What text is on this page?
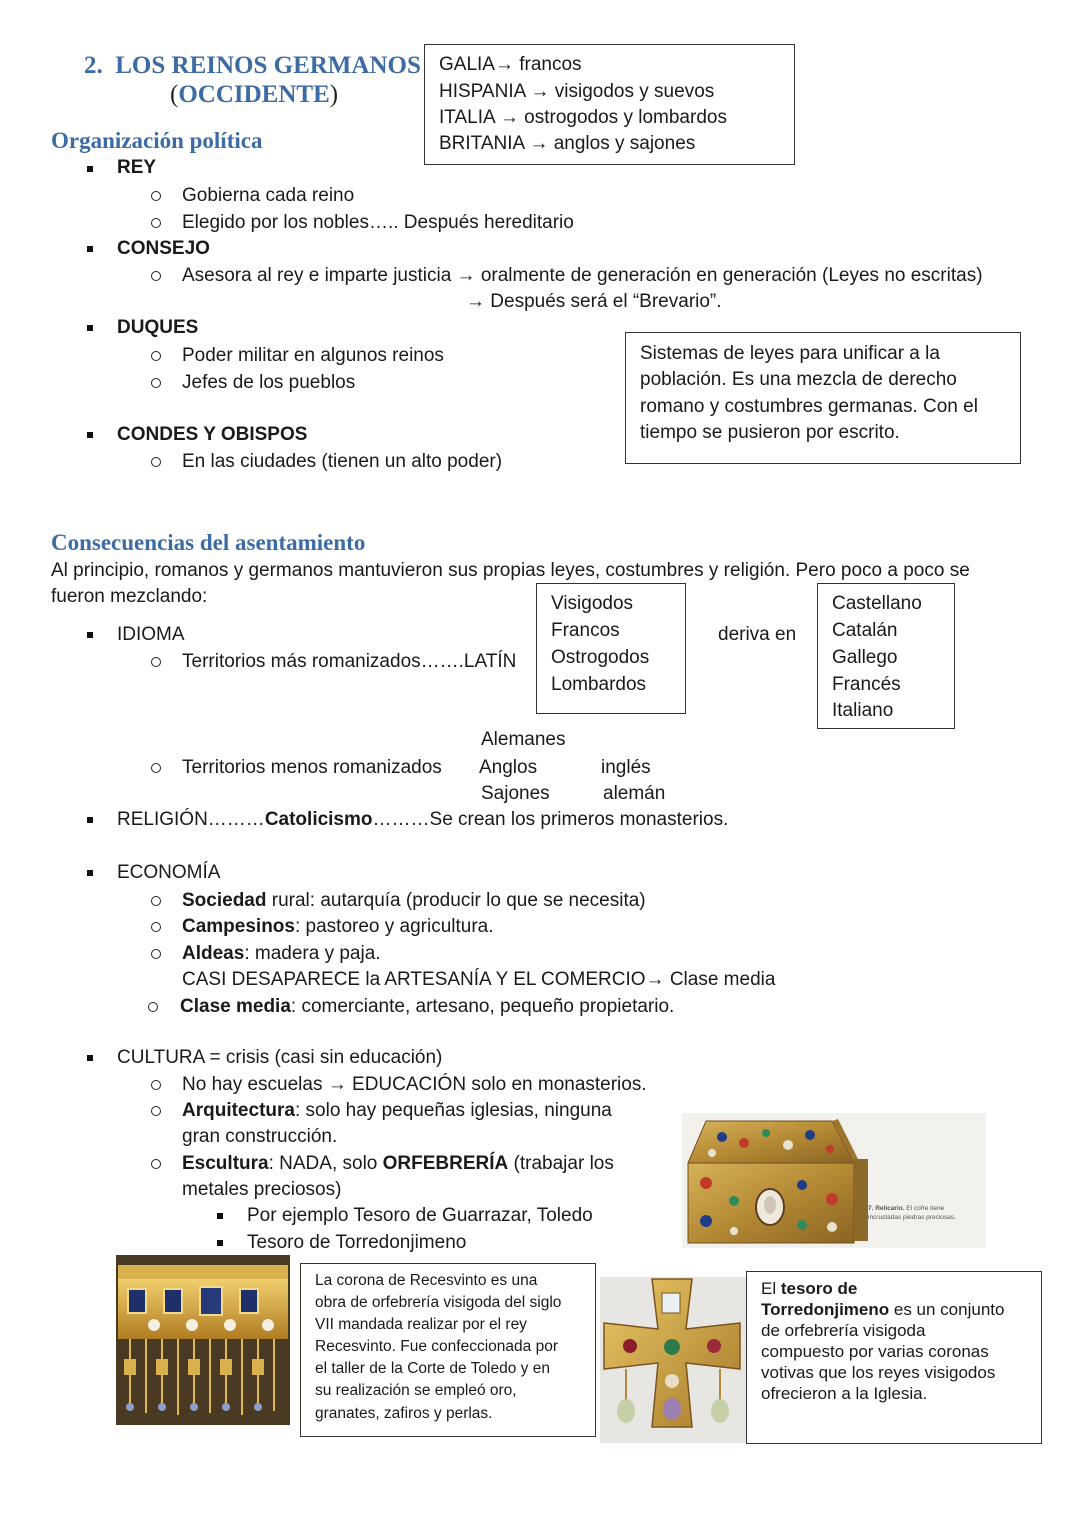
2. LOS REINOS GERMANOS
(OCCIDENTE)
GALIA→ francos
HISPANIA → visigodos y suevos
ITALIA → ostrogodos y lombardos
BRITANIA → anglos y sajones
Organización política
REY
Gobierna cada reino
Elegido por los nobles….. Después hereditario
CONSEJO
Asesora al rey e imparte justicia → oralmente de generación en generación (Leyes no escritas)
→ Después será el “Brevario”.
DUQUES
Poder militar en algunos reinos
Jefes de los pueblos
CONDES Y OBISPOS
En las ciudades (tienen un alto poder)
Sistemas de leyes para unificar a la
población. Es una mezcla de derecho
romano y costumbres germanas. Con el
tiempo se pusieron por escrito.
Consecuencias del asentamiento
Al principio, romanos y germanos mantuvieron sus propias leyes, costumbres y religión. Pero poco a poco se
fueron mezclando:
IDIOMA
Territorios más romanizados…….LATÍN
Visigodos
Francos
Ostrogodos
Lombardos
deriva en
Castellano
Catalán
Gallego
Francés
Italiano
Alemanes
Territorios menos romanizados Anglos	inglés
Sajones	alemán
RELIGIÓN………Catolicismo………Se crean los primeros monasterios.
ECONOMÍA
Sociedad rural: autarquía (producir lo que se necesita)
Campesinos: pastoreo y agricultura.
Aldeas: madera y paja.
CASI DESAPARECE la ARTESANÍA Y EL COMERCIO→ Clase media
Clase media: comerciante, artesano, pequeño propietario.
CULTURA = crisis (casi sin educación)
No hay escuelas → EDUCACIÓN solo en monasterios.
Arquitectura: solo hay pequeñas iglesias, ninguna
gran construcción.
Escultura: NADA, solo ORFEBRERÍA (trabajar los
metales preciosos)
Por ejemplo Tesoro de Guarrazar, Toledo
Tesoro de Torredonjimeno
7. Relicario. El cofre tiene
incrustadas piedras preciosas.
La corona de Recesvinto es una
obra de orfebrería visigoda del siglo
VII mandada realizar por el rey
Recesvinto. Fue confeccionada por
el taller de la Corte de Toledo y en
su realización se empleó oro,
granates, zafiros y perlas.
El tesoro de
Torredonjimeno es un conjunto
de orfebrería visigoda
compuesto por varias coronas
votivas que los reyes visigodos
ofrecieron a la Iglesia.
